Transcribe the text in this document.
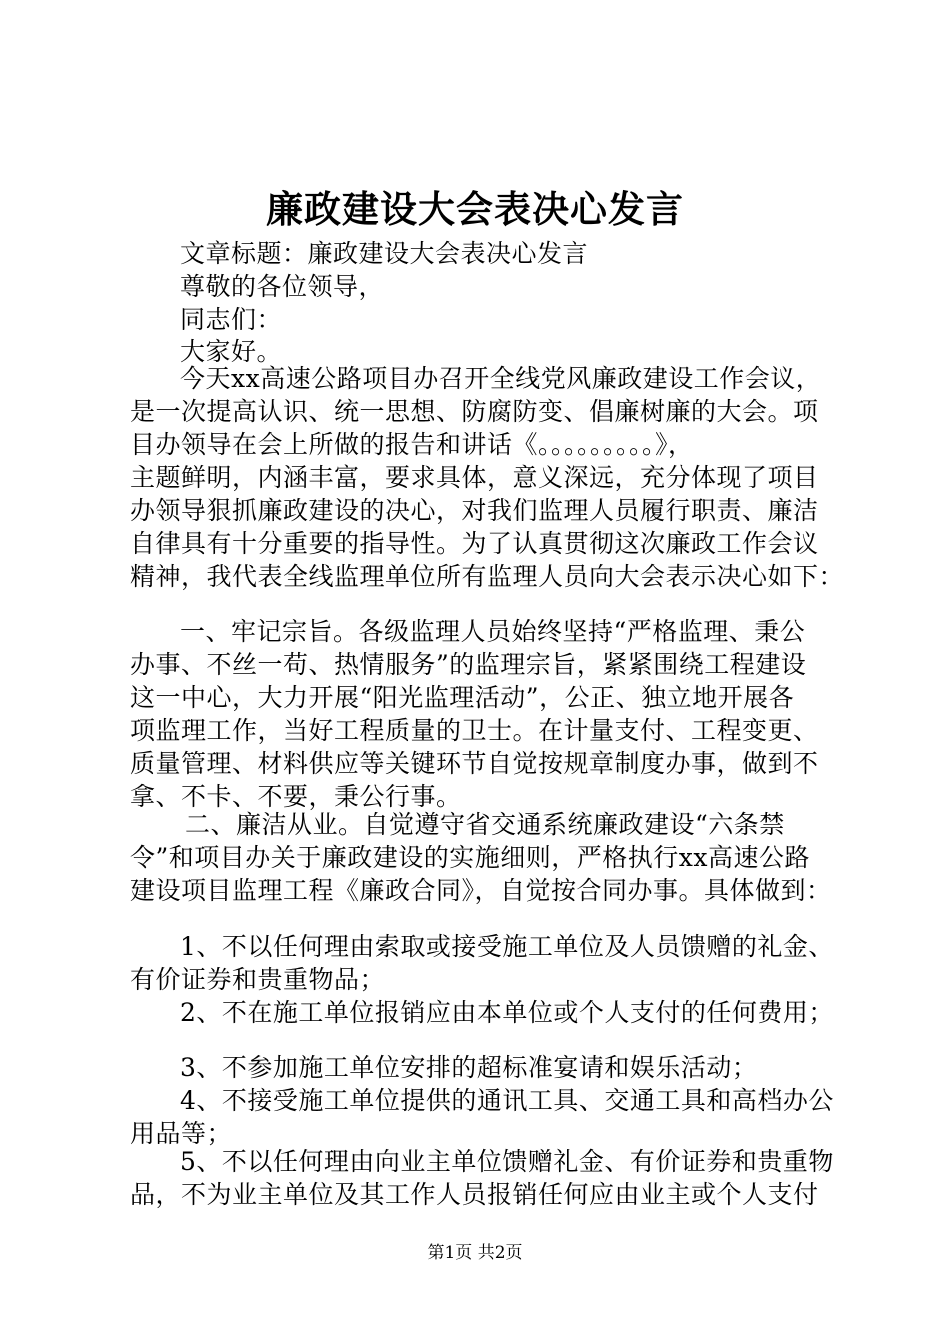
廉政建设大会表决心发言
文章标题：廉政建设大会表决心发言
尊敬的各位领导，
同志们：
大家好。
今天xx高速公路项目办召开全线党风廉政建设工作会议，
是一次提高认识、统一思想、防腐防变、倡廉树廉的大会。项
目办领导在会上所做的报告和讲话《。。。。。。。。。》，
主题鲜明，内涵丰富，要求具体，意义深远，充分体现了项目
办领导狠抓廉政建设的决心，对我们监理人员履行职责、廉洁
自律具有十分重要的指导性。为了认真贯彻这次廉政工作会议
精神，我代表全线监理单位所有监理人员向大会表示决心如下：
一、牢记宗旨。各级监理人员始终坚持“严格监理、秉公
办事、不丝一苟、热情服务”的监理宗旨，紧紧围绕工程建设
这一中心，大力开展“阳光监理活动”，公正、独立地开展各
项监理工作，当好工程质量的卫士。在计量支付、工程变更、
质量管理、材料供应等关键环节自觉按规章制度办事，做到不
拿、不卡、不要，秉公行事。
二、廉洁从业。自觉遵守省交通系统廉政建设“六条禁
令”和项目办关于廉政建设的实施细则，严格执行xx高速公路
建设项目监理工程《廉政合同》，自觉按合同办事。具体做到：
1、不以任何理由索取或接受施工单位及人员馈赠的礼金、
有价证券和贵重物品；
2、不在施工单位报销应由本单位或个人支付的任何费用；
3、不参加施工单位安排的超标准宴请和娱乐活动；
4、不接受施工单位提供的通讯工具、交通工具和高档办公
用品等；
5、不以任何理由向业主单位馈赠礼金、有价证券和贵重物
品，不为业主单位及其工作人员报销任何应由业主或个人支付
第1页 共2页
